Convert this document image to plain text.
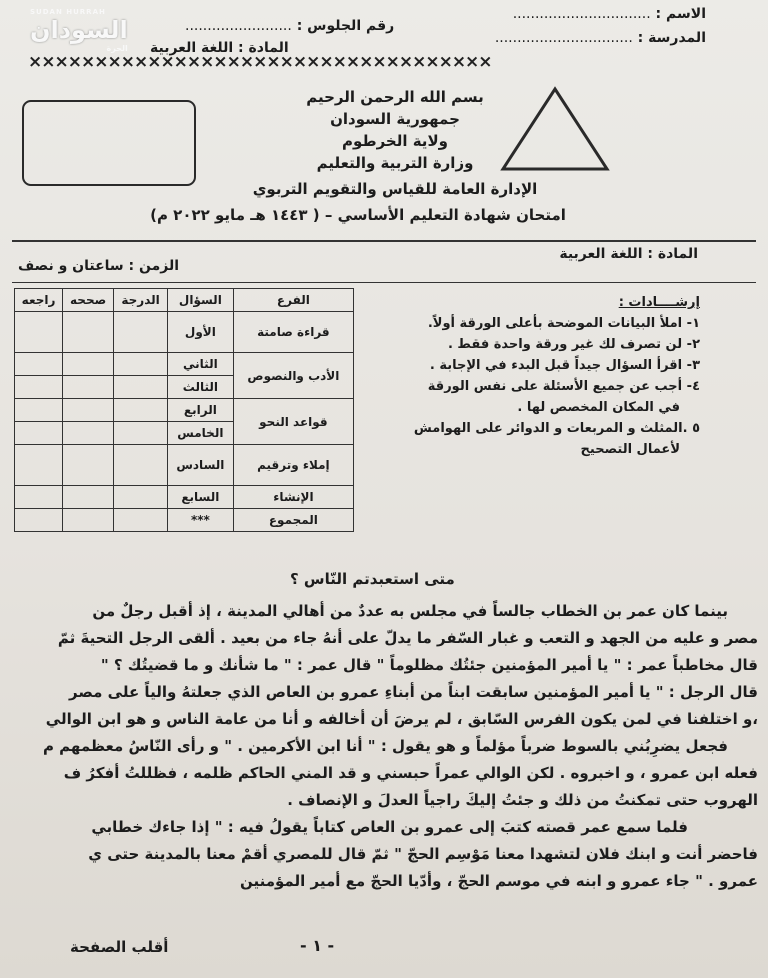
SUDAN HURRAH
السودان
الحرة
الاسم : ...............................
رقم الجلوس : ........................
المدرسة : ...............................
المادة : اللغة العربية
×××××××××××××××××××××××××××××××××××
بسم الله الرحمن الرحيم
جمهورية السودان
ولاية الخرطوم
وزارة التربية والتعليم
الإدارة العامة للقياس والتقويم التربوي
امتحان شهادة التعليم الأساسي – ( ١٤٤٣ هـ مايو ٢٠٢٢ م)
المادة : اللغة العربية
الزمن : ساعتان و نصف
الفرع	السؤال	الدرجة	صححه	راجعه
قراءة صامتة	الأول			
الأدب والنصوص	الثاني			
	الثالث			
قواعد النحو	الرابع			
	الخامس			
إملاء وترقيم	السادس			
الإنشاء	السابع			
المجموع	***			
إرشــــادات :
١- املأ البيانات الموضحة بأعلى الورقة أولاً.
٢- لن تصرف لك غير ورقة واحدة فقط .
٣- اقرأ السؤال جيداً قبل البدء في الإجابة .
٤- أجب عن جميع الأسئلة على نفس الورقة
في المكان المخصص لها .
٥ .المثلث و المربعات و الدوائر على الهوامش
لأعمال التصحيح
متى استعبدتم النّاس ؟

بينما كان عمر بن الخطاب جالساً في مجلس به عددٌ من أهالي المدينة ، إذ أقبل رجلٌ من

مصر و عليه من الجهد و التعب و غبار السّفر ما يدلّ على أنهُ جاء من بعيد . ألقى الرجل التحيةَ ثمّ

قال مخاطباً عمر : " يا أمير المؤمنين جئتُك مظلوماً " قال عمر : " ما شأنك و ما قضيتُك ؟ "

قال الرجل : " يا أمير المؤمنين سابقت ابناً من أبناءِ عمرو بن العاص الذي جعلتهُ والياً على مصر

،و اختلفنا في لمن يكون الفرس السّابق ، لم يرضَ أن أخالفه و أنا من عامة الناس و هو ابن الوالي

فجعل يضرِبُني بالسوط ضرباً مؤلماً و هو يقول : " أنا ابن الأكرمين . " و رأى النّاسُ معظمهم م

فعله ابن عمرو ، و اخبروه . لكن الوالي عمراً حبسني و قد المني الحاكم ظلمه ، فظللتُ أفكرُ ف

الهروب حتى تمكنتُ من ذلك و جئتُ إليكَ راجياً العدلَ و الإنصاف .

فلما سمع عمر قصته كتبَ إلى عمرو بن العاص كتاباً يقولُ فيه : " إذا جاءك خطابي

فاحضر أنت و ابنك فلان لتشهدا معنا مَوْسِم الحجّ " ثمّ قال للمصري أقمْ معنا بالمدينة حتى ي

عمرو . " جاء عمرو و ابنه في موسم الحجّ ، وأدّيا الحجّ مع أمير المؤمنين

- ١ -
أقلب الصفحة
